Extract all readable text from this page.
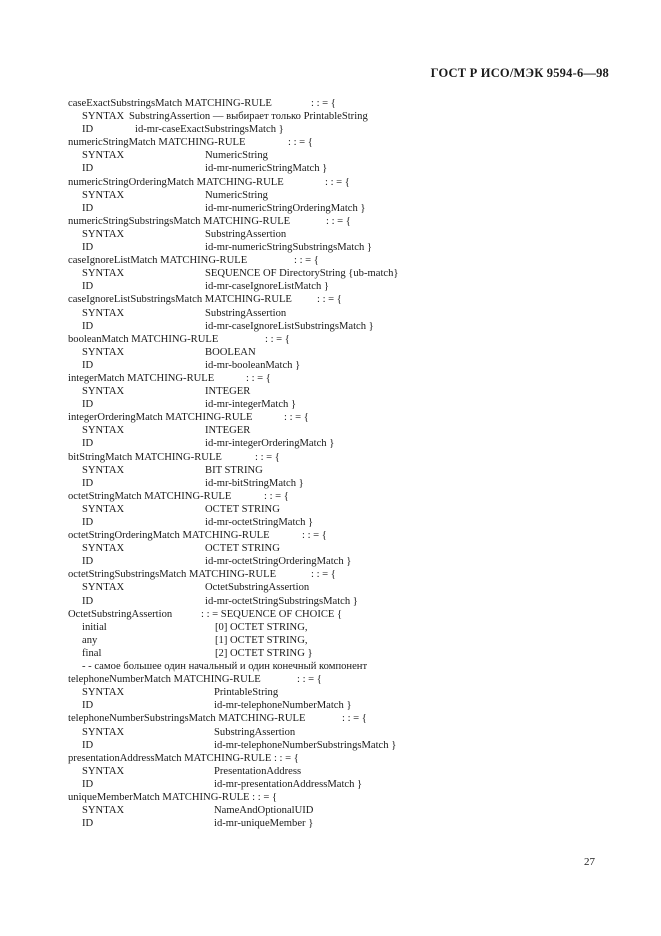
ГОСТ Р ИСО/МЭК 9594-6—98
caseExactSubstringsMatch MATCHING-RULE	: : = {
SYNTAX SubstringAssertion — выбирает только PrintableString
ID	id-mr-caseExactSubstringsMatch }
numericStringMatch MATCHING-RULE	: : = {
SYNTAX	NumericString
ID	id-mr-numericStringMatch }
numericStringOrderingMatch MATCHING-RULE	: : = {
SYNTAX	NumericString
ID	id-mr-numericStringOrderingMatch }
numericStringSubstringsMatch MATCHING-RULE	: : = {
SYNTAX	SubstringAssertion
ID	id-mr-numericStringSubstringsMatch }
caseIgnoreListMatch MATCHING-RULE	: : = {
SYNTAX	SEQUENCE OF DirectoryString {ub-match}
ID	id-mr-caseIgnoreListMatch }
caseIgnoreListSubstringsMatch MATCHING-RULE : : = {
SYNTAX	SubstringAssertion
ID	id-mr-caseIgnoreListSubstringsMatch }
booleanMatch MATCHING-RULE	: : = {
SYNTAX	BOOLEAN
ID	id-mr-booleanMatch }
integerMatch MATCHING-RULE	: : = {
SYNTAX	INTEGER
ID	id-mr-integerMatch }
integerOrderingMatch MATCHING-RULE	: : = {
SYNTAX	INTEGER
ID	id-mr-integerOrderingMatch }
bitStringMatch MATCHING-RULE	: : = {
SYNTAX	BIT STRING
ID	id-mr-bitStringMatch }
octetStringMatch MATCHING-RULE	: : = {
SYNTAX	OCTET STRING
ID	id-mr-octetStringMatch }
octetStringOrderingMatch MATCHING-RULE	: : = {
SYNTAX	OCTET STRING
ID	id-mr-octetStringOrderingMatch }
octetStringSubstringsMatch MATCHING-RULE	: : = {
SYNTAX	OctetSubstringAssertion
ID	id-mr-octetStringSubstringsMatch }
OctetSubstringAssertion	: : = SEQUENCE OF CHOICE {
initial	[0] OCTET STRING,
any	[1] OCTET STRING,
final	[2] OCTET STRING }
- - самое большее один начальный и один конечный компонент
telephoneNumberMatch MATCHING-RULE	: : = {
SYNTAX	PrintableString
ID	id-mr-telephoneNumberMatch }
telephoneNumberSubstringsMatch MATCHING-RULE	: : = {
SYNTAX	SubstringAssertion
ID	id-mr-telephoneNumberSubstringsMatch }
presentationAddressMatch MATCHING-RULE : : = {
SYNTAX	PresentationAddress
ID	id-mr-presentationAddressMatch }
uniqueMemberMatch MATCHING-RULE : : = {
SYNTAX	NameAndOptionalUID
ID	id-mr-uniqueMember }
27
